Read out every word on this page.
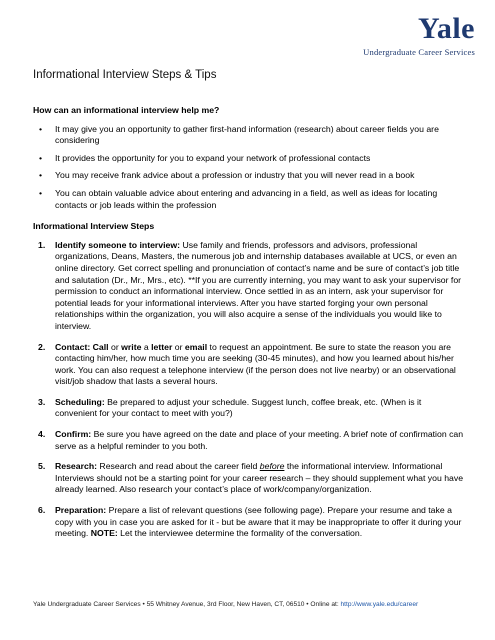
Yale
Undergraduate Career Services
Informational Interview Steps & Tips
How can an informational interview help me?
• It may give you an opportunity to gather first-hand information (research) about career fields you are considering
• It provides the opportunity for you to expand your network of professional contacts
• You may receive frank advice about a profession or industry that you will never read in a book
• You can obtain valuable advice about entering and advancing in a field, as well as ideas for locating contacts or job leads within the profession
Informational Interview Steps
1. Identify someone to interview: Use family and friends, professors and advisors, professional organizations, Deans, Masters, the numerous job and internship databases available at UCS, or even an online directory. Get correct spelling and pronunciation of contact’s name and be sure of contact’s job title and salutation (Dr., Mr., Mrs., etc). **If you are currently interning, you may want to ask your supervisor for permission to conduct an informational interview. Once settled in as an intern, ask your supervisor for potential leads for your informational interviews. After you have started forging your own personal relationships within the organization, you will also acquire a sense of the individuals you would like to interview.
2. Contact: Call or write a letter or email to request an appointment. Be sure to state the reason you are contacting him/her, how much time you are seeking (30-45 minutes), and how you learned about his/her work. You can also request a telephone interview (if the person does not live nearby) or an observational visit/job shadow that lasts a several hours.
3. Scheduling: Be prepared to adjust your schedule. Suggest lunch, coffee break, etc. (When is it convenient for your contact to meet with you?)
4. Confirm: Be sure you have agreed on the date and place of your meeting. A brief note of confirmation can serve as a helpful reminder to you both.
5. Research: Research and read about the career field before the informational interview. Informational Interviews should not be a starting point for your career research – they should supplement what you have already learned. Also research your contact’s place of work/company/organization.
6. Preparation: Prepare a list of relevant questions (see following page). Prepare your resume and take a copy with you in case you are asked for it - but be aware that it may be inappropriate to offer it during your meeting. NOTE: Let the interviewee determine the formality of the conversation.
Yale Undergraduate Career Services • 55 Whitney Avenue, 3rd Floor, New Haven, CT, 06510 • Online at: http://www.yale.edu/career
